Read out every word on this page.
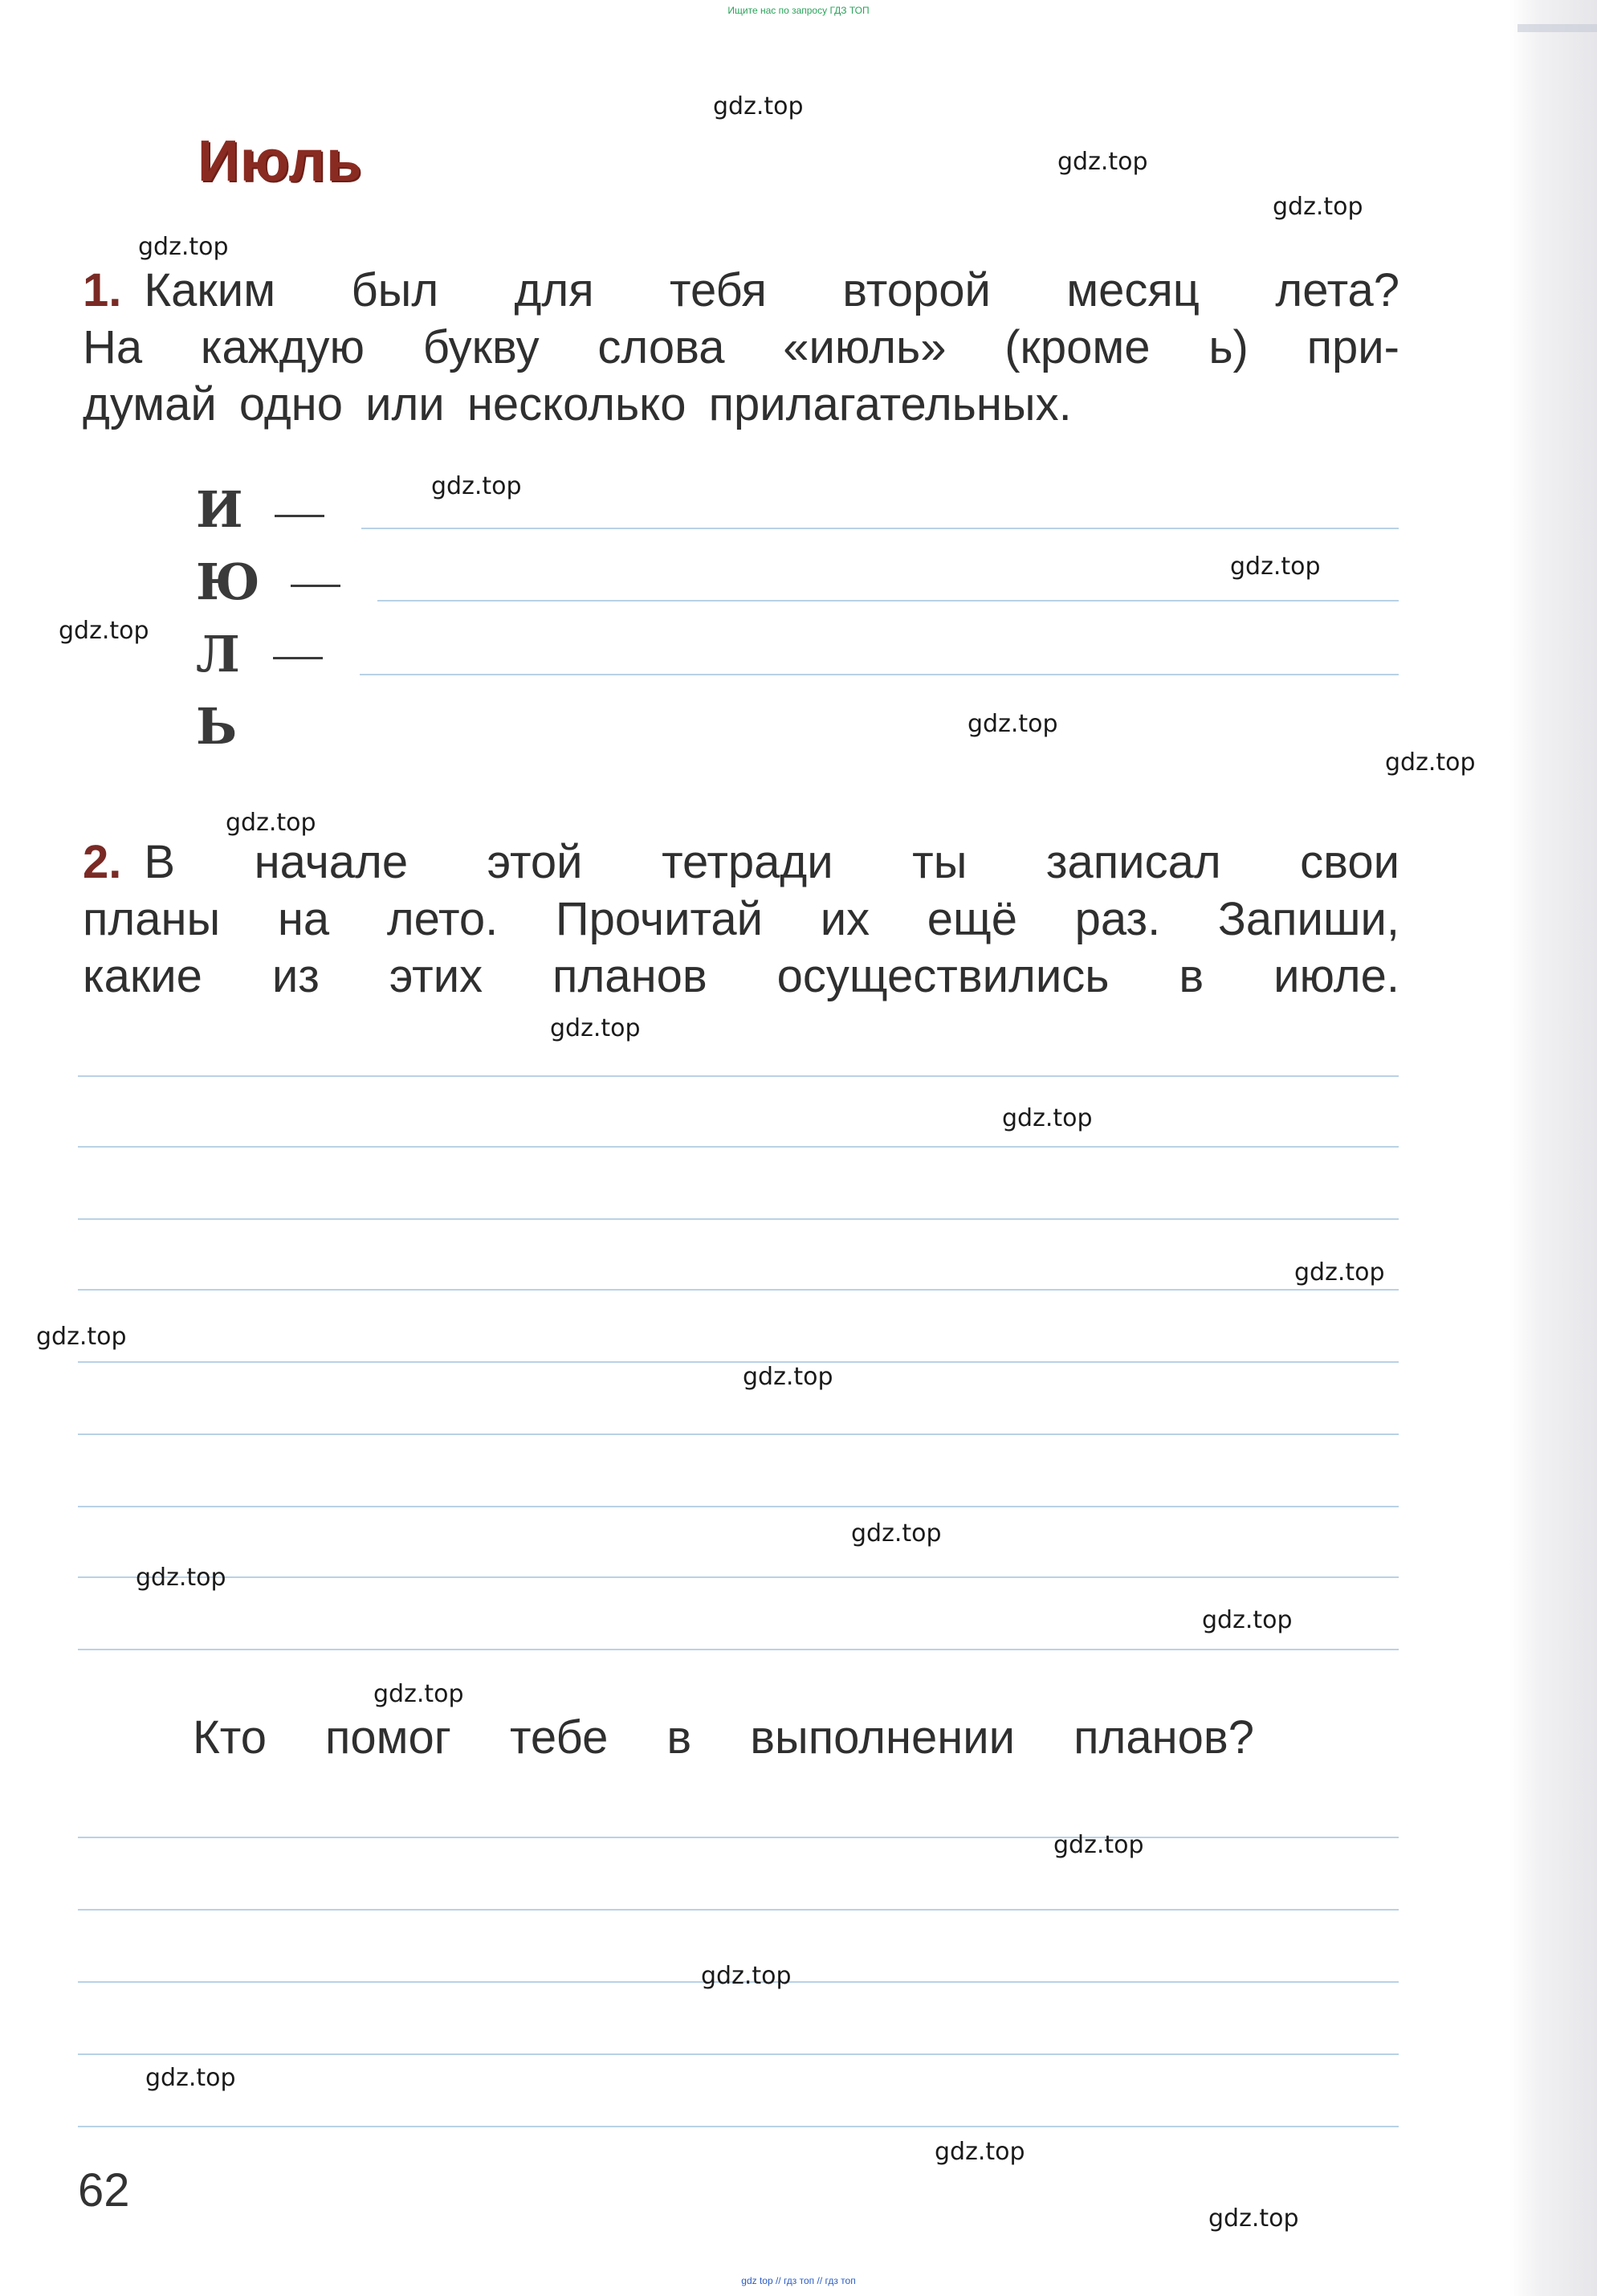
Ищите нас по запросу ГДЗ ТОП
Июль
1. Каким был для тебя второй месяц лета?
На каждую букву слова «июль» (кроме ь) при-
думай одно или несколько прилагательных.
И
Ю
Л
Ь
2. В начале этой тетради ты записал свои
планы на лето. Прочитай их ещё раз. Запиши,
какие из этих планов осуществились в июле.
Кто помог тебе в выполнении планов?
62
gdz.top
gdz.top
gdz.top
gdz.top
gdz.top
gdz.top
gdz.top
gdz.top
gdz.top
gdz.top
gdz.top
gdz.top
gdz.top
gdz.top
gdz.top
gdz.top
gdz.top
gdz.top
gdz.top
gdz.top
gdz.top
gdz.top
gdz.top
gdz.top
gdz top // гдз топ // гдз топ
